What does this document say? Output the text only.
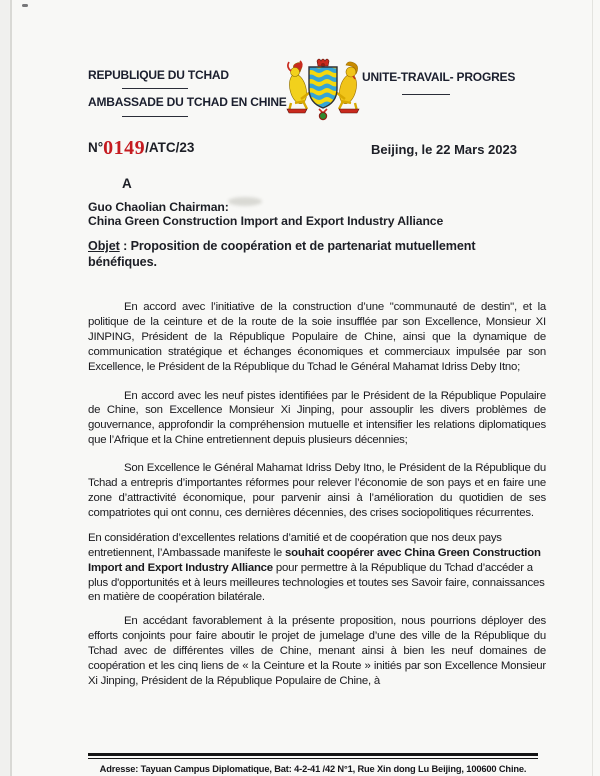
REPUBLIQUE DU TCHAD
AMBASSADE DU TCHAD EN CHINE
UNITE-TRAVAIL- PROGRES
N°0149/ATC/23	Beijing, le 22 Mars 2023
A
Guo Chaolian Chairman:
China Green Construction Import and Export Industry Alliance
Objet : Proposition de coopération et de partenariat mutuellement bénéfiques.

En accord avec l’initiative de la construction d’une "communauté de destin", et la politique de la ceinture et de la route de la soie insufflée par son Excellence, Monsieur XI JINPING, Président de la République Populaire de Chine, ainsi que la dynamique de communication stratégique et échanges économiques et commerciaux impulsée par son Excellence, le Président de la République du Tchad le Général Mahamat Idriss Deby Itno;

En accord avec les neuf pistes identifiées par le Président de la République Populaire de Chine, son Excellence Monsieur Xi Jinping, pour assouplir les divers problèmes de gouvernance, approfondir la compréhension mutuelle et intensifier les relations diplomatiques que l’Afrique et la Chine entretiennent depuis plusieurs décennies;

Son Excellence le Général Mahamat Idriss Deby Itno, le Président de la République du Tchad a entrepris d’importantes réformes pour relever l’économie de son pays et en faire une zone d’attractivité économique, pour parvenir ainsi à l’amélioration du quotidien de ses compatriotes qui ont connu, ces dernières décennies, des crises sociopolitiques récurrentes.

En considération d’excellentes relations d’amitié et de coopération que nos deux pays entretiennent, l’Ambassade manifeste le souhait coopérer avec China Green Construction Import and Export Industry Alliance pour permettre à la République du Tchad d’accéder a plus d'opportunités et à leurs meilleures technologies et toutes ses Savoir faire, connaissances en matière de coopération bilatérale.

En accédant favorablement à la présente proposition, nous pourrions déployer des efforts conjoints pour faire aboutir le projet de jumelage d’une des ville de la République du Tchad avec de différentes villes de Chine, menant ainsi à bien les neuf domaines de coopération et les cinq liens de « la Ceinture et la Route » initiés par son Excellence Monsieur Xi Jinping, Président de la République Populaire de Chine, à

Adresse: Tayuan Campus Diplomatique, Bat: 4-2-41 /42 N°1, Rue Xin dong Lu Beijing, 100600 Chine.
